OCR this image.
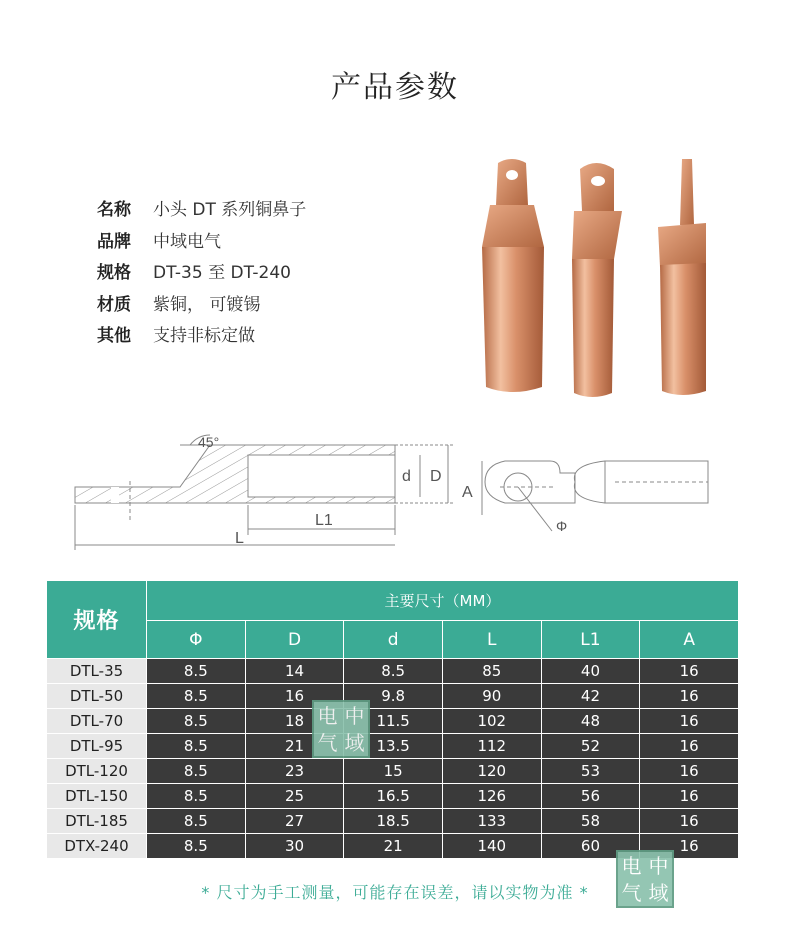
产品参数
名称	小头 DT 系列铜鼻子
品牌	中域电气
规格	DT-35 至 DT-240
材质	紫铜， 可镀锡
其他	支持非标定做
45°
d D
L1
L
A
Φ
规格	主要尺寸（MM）					
	Φ	D	d	L	L1	A
DTL-35	8.5	14	8.5	85	40	16
DTL-50	8.5	16	9.8	90	42	16
DTL-70	8.5	18	11.5	102	48	16
DTL-95	8.5	21	13.5	112	52	16
DTL-120	8.5	23	15	120	53	16
DTL-150	8.5	25	16.5	126	56	16
DTL-185	8.5	27	18.5	133	58	16
DTX-240	8.5	30	21	140	60	16
电 中
气 域
电 中
气 域
* 尺寸为手工测量，可能存在误差，请以实物为准 *
